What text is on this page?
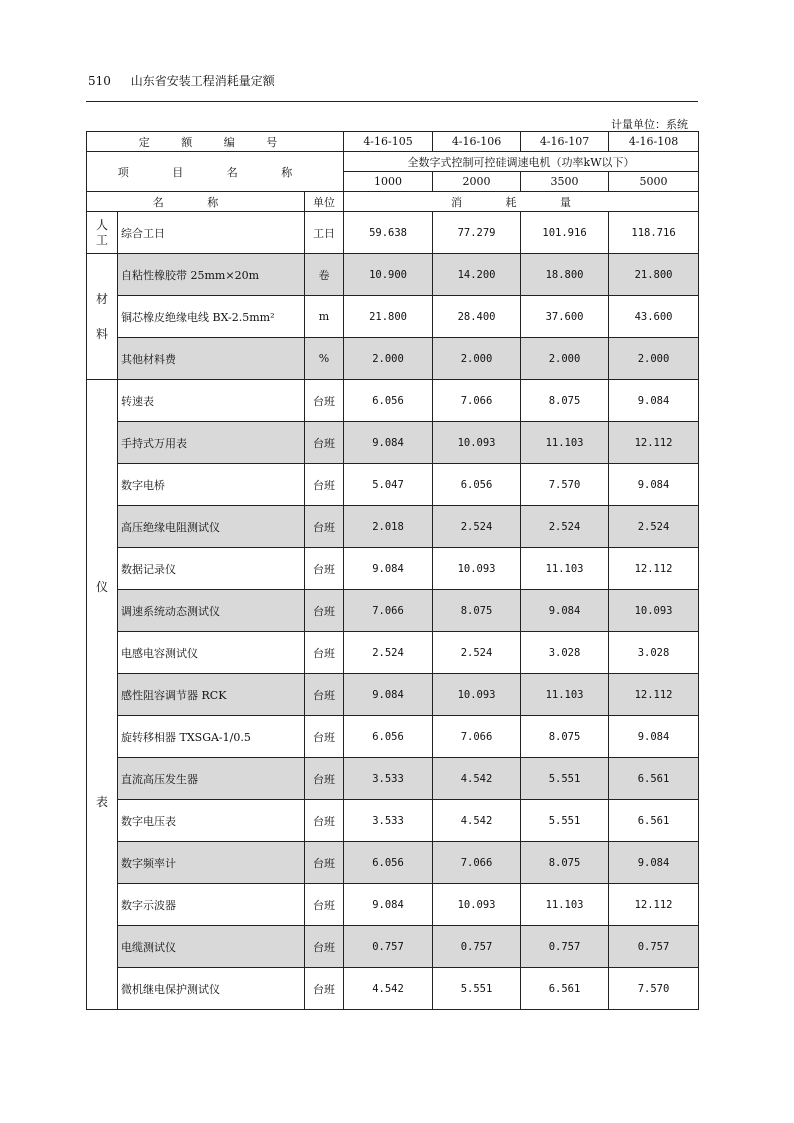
510 山东省安装工程消耗量定额
计量单位：系统
定 额 编 号			4-16-105	4-16-106	4-16-107	4-16-108
项 目 名 称			全数字式控制可控硅调速电机（功率kW以下）			
			1000	2000	3500	5000
名 称		单位	消 耗 量			

人
工	综合工日	工日	59.638	77.279	101.916	118.716

材
料	自粘性橡胶带 25mm×20m	卷	10.900	14.200	18.800	21.800
	铜芯橡皮绝缘电线 BX-2.5mm²	m	21.800	28.400	37.600	43.600
	其他材料费	%	2.000	2.000	2.000	2.000

仪
表	转速表	台班	6.056	7.066	8.075	9.084
	手持式万用表	台班	9.084	10.093	11.103	12.112
	数字电桥	台班	5.047	6.056	7.570	9.084
	高压绝缘电阻测试仪	台班	2.018	2.524	2.524	2.524
	数据记录仪	台班	9.084	10.093	11.103	12.112
	调速系统动态测试仪	台班	7.066	8.075	9.084	10.093
	电感电容测试仪	台班	2.524	2.524	3.028	3.028
	感性阻容调节器 RCK	台班	9.084	10.093	11.103	12.112
	旋转移相器 TXSGA-1/0.5	台班	6.056	7.066	8.075	9.084
	直流高压发生器	台班	3.533	4.542	5.551	6.561
	数字电压表	台班	3.533	4.542	5.551	6.561
	数字频率计	台班	6.056	7.066	8.075	9.084
	数字示波器	台班	9.084	10.093	11.103	12.112
	电缆测试仪	台班	0.757	0.757	0.757	0.757
	微机继电保护测试仪	台班	4.542	5.551	6.561	7.570
